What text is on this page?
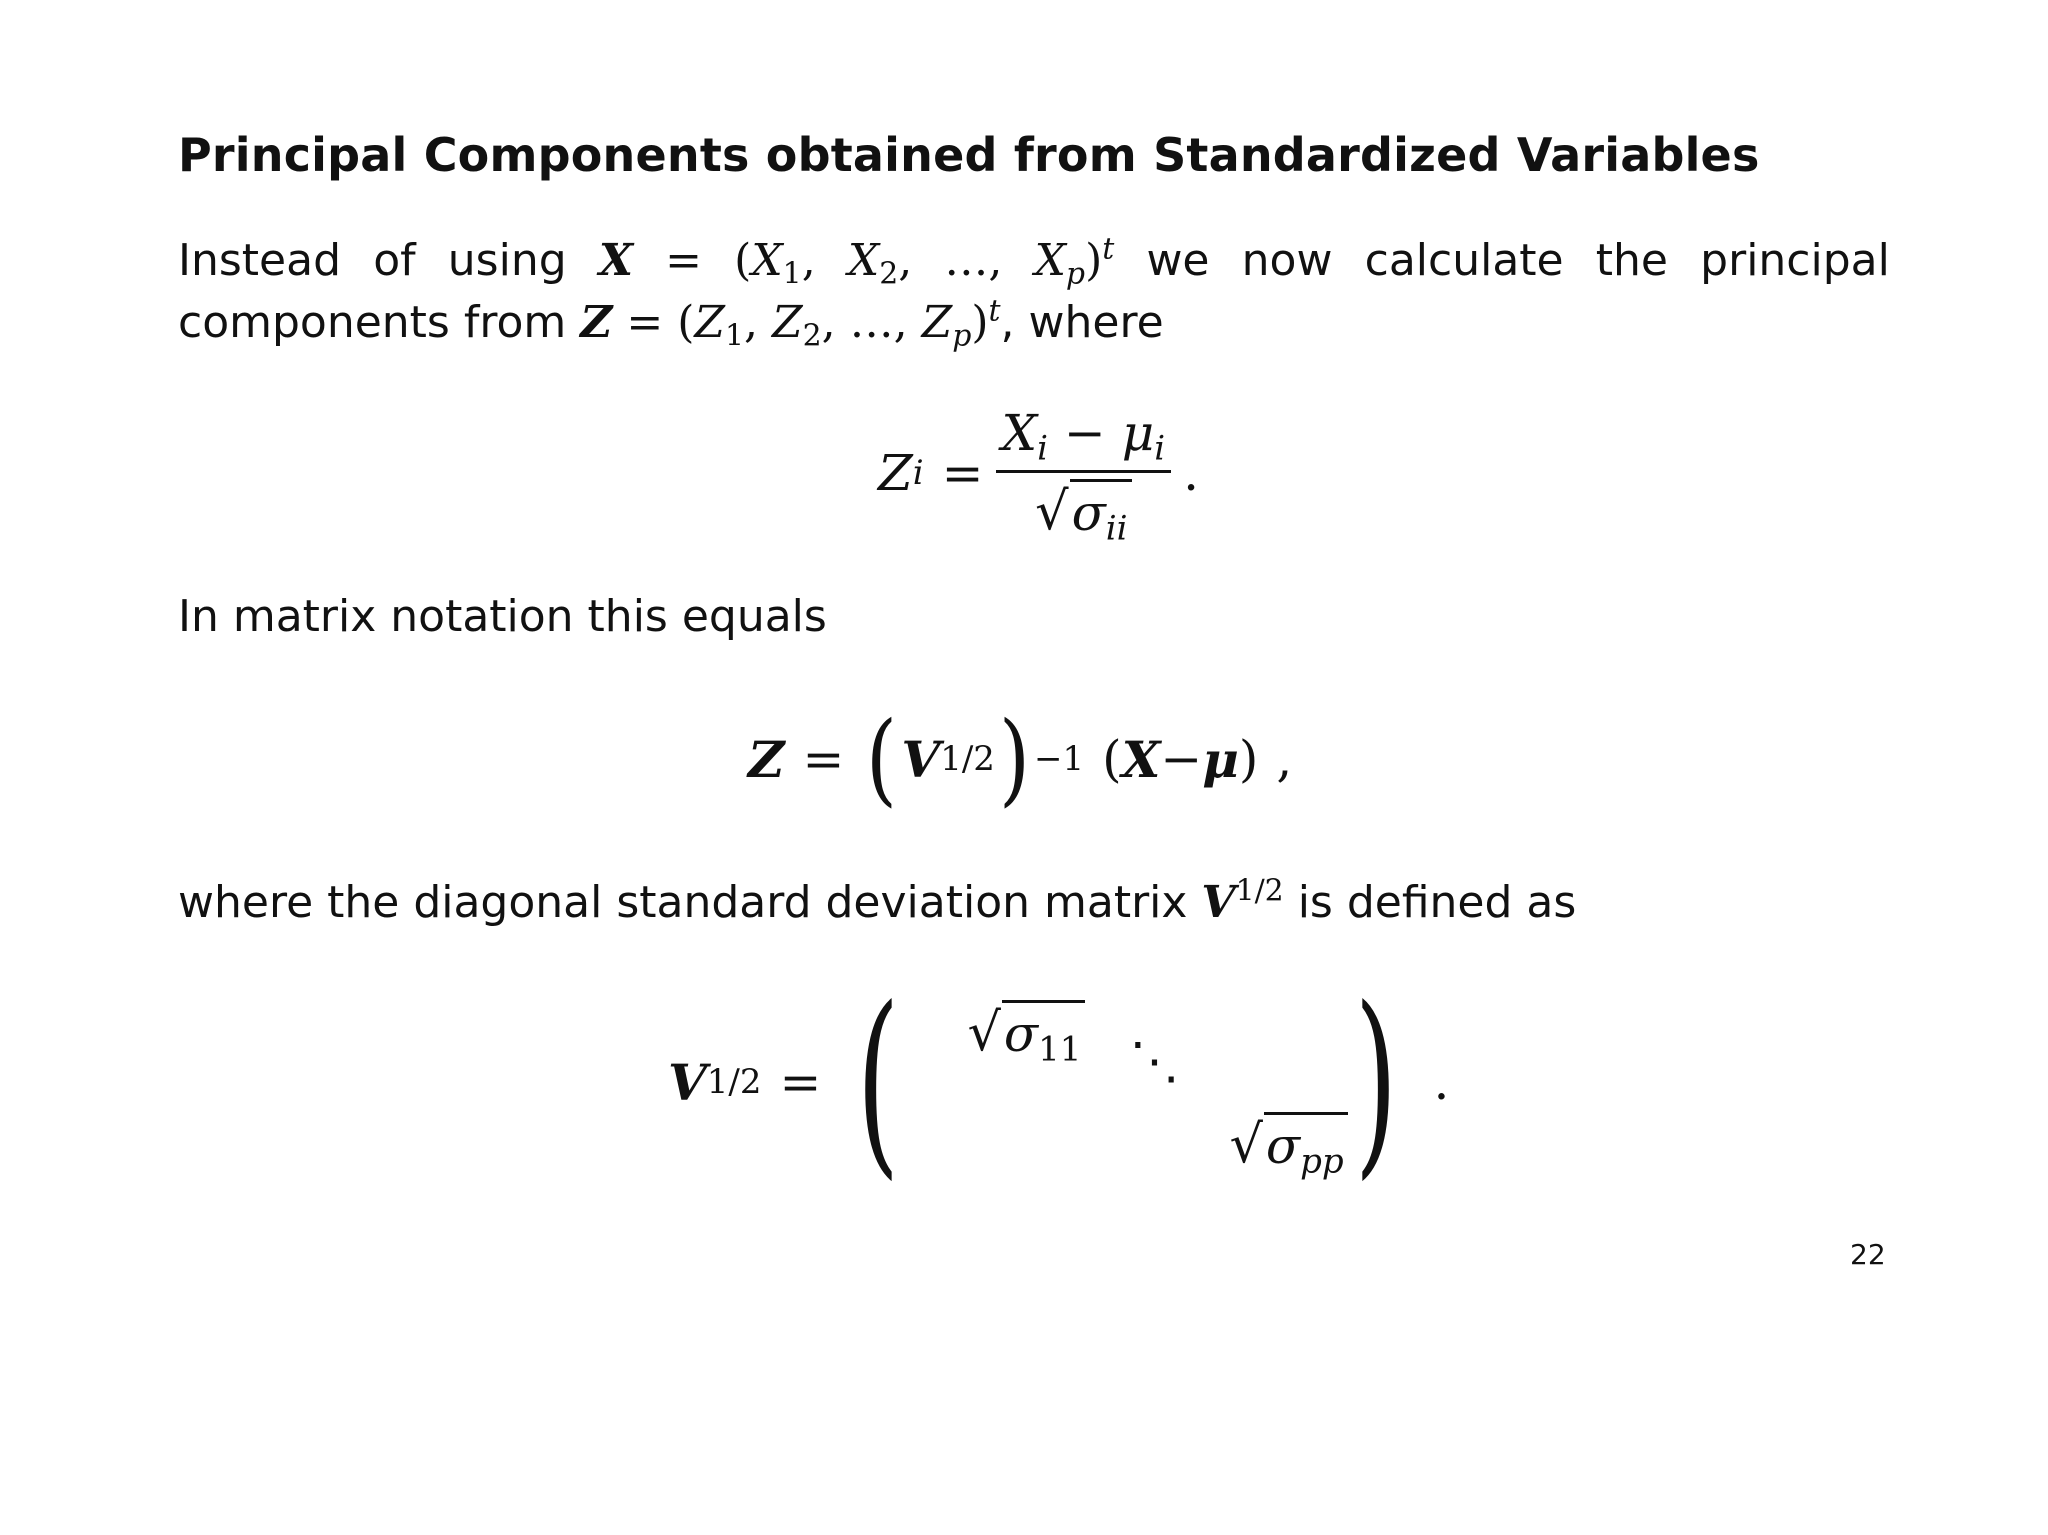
Principal Components obtained from Standardized Variables
Instead of using $X = (X_1$, $X_2$, …, $X_p)^t$ we now calculate the principal
components from $Z = (Z_1$, $Z_2$, …, $Z_p)^t$, where
Z $i = \frac{X_i - \mu_i}{√ \sigma_{ii}}$ .
In matrix notation this equals
Z = ( V 1/2 ) −1 ( X − μ ) ,
where the diagonal standard deviation matrix $V^{1/2}$ is defined as
V 1/2 = ( √ $\sigma_{11}$ ⋱
√ $\sigma_{pp}$ ) .
22
